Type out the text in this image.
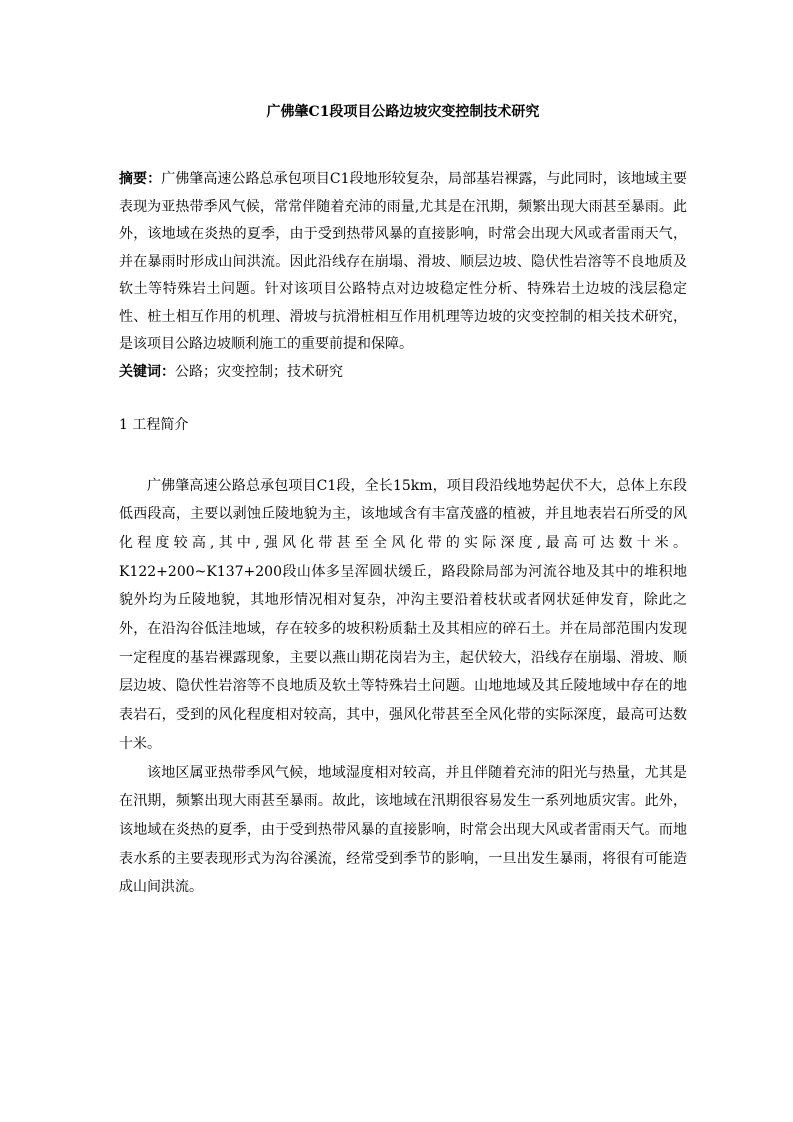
广佛肇C1段项目公路边坡灾变控制技术研究

摘要：广佛肇高速公路总承包项目C1段地形较复杂，局部基岩裸露，与此同时，该地域主要表现为亚热带季风气候，常常伴随着充沛的雨量,尤其是在汛期，频繁出现大雨甚至暴雨。此外，该地域在炎热的夏季，由于受到热带风暴的直接影响，时常会出现大风或者雷雨天气，并在暴雨时形成山间洪流。因此沿线存在崩塌、滑坡、顺层边坡、隐伏性岩溶等不良地质及软土等特殊岩土问题。针对该项目公路特点对边坡稳定性分析、特殊岩土边坡的浅层稳定性、桩土相互作用的机理、滑坡与抗滑桩相互作用机理等边坡的灾变控制的相关技术研究，是该项目公路边坡顺利施工的重要前提和保障。

关键词：公路；灾变控制；技术研究

1 工程简介

广佛肇高速公路总承包项目C1段，全长15km，项目段沿线地势起伏不大，总体上东段低西段高，主要以剥蚀丘陵地貌为主，该地域含有丰富茂盛的植被，并且地表岩石所受的风化程度较高,其中,强风化带甚至全风化带的实际深度,最高可达数十米。K122+200~K137+200段山体多呈浑圆状缓丘，路段除局部为河流谷地及其中的堆积地貌外均为丘陵地貌，其地形情况相对复杂，冲沟主要沿着枝状或者网状延伸发育，除此之外，在沿沟谷低洼地域，存在较多的坡积粉质黏土及其相应的碎石土。并在局部范围内发现一定程度的基岩裸露现象，主要以燕山期花岗岩为主，起伏较大，沿线存在崩塌、滑坡、顺层边坡、隐伏性岩溶等不良地质及软土等特殊岩土问题。山地地域及其丘陵地域中存在的地表岩石，受到的风化程度相对较高，其中，强风化带甚至全风化带的实际深度，最高可达数十米。

该地区属亚热带季风气候，地域湿度相对较高，并且伴随着充沛的阳光与热量，尤其是在汛期，频繁出现大雨甚至暴雨。故此，该地域在汛期很容易发生一系列地质灾害。此外，该地域在炎热的夏季，由于受到热带风暴的直接影响，时常会出现大风或者雷雨天气。而地表水系的主要表现形式为沟谷溪流，经常受到季节的影响，一旦出发生暴雨，将很有可能造成山间洪流。
